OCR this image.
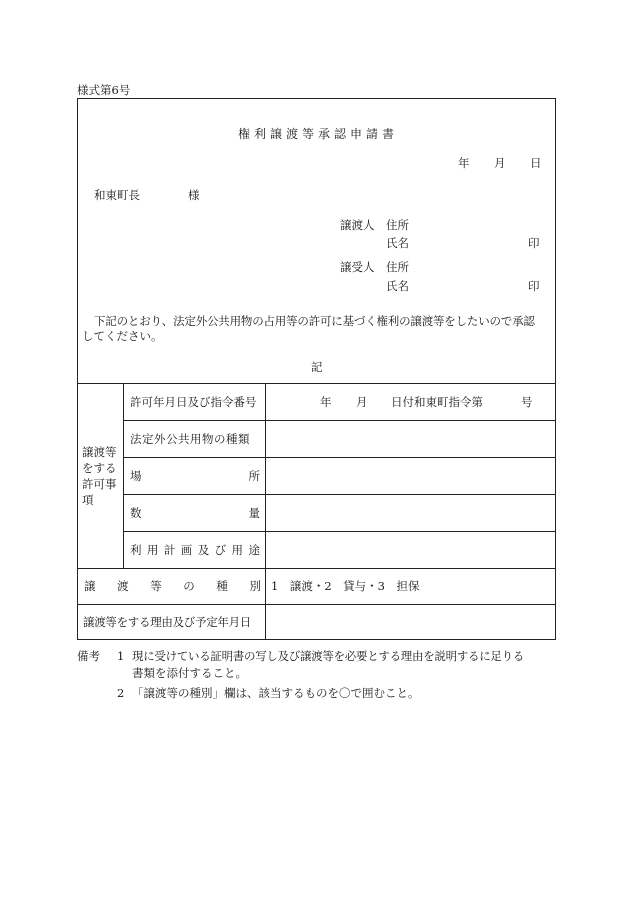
様式第6号
権利譲渡等承認申請書
年 月 日
和東町長	様
譲渡人 住所
氏名	印
譲受人 住所
氏名	印
下記のとおり、法定外公共用物の占用等の許可に基づく権利の譲渡等をしたいので承認
してください。
記
譲渡等
をする
許可事
項
許可年月日及び指令番号	年 月 日付和東町指令第	号
法定外公共用物の種類
場	所
数	量
利 用 計 画 及 び 用 途
譲 渡 等 の 種 別 1　譲渡・2　貸与・3　担保
譲渡等をする理由及び予定年月日
備考 1 現に受けている証明書の写し及び譲渡等を必要とする理由を説明するに足りる
書類を添付すること。
2 「譲渡等の種別」欄は、該当するものを〇で囲むこと。
